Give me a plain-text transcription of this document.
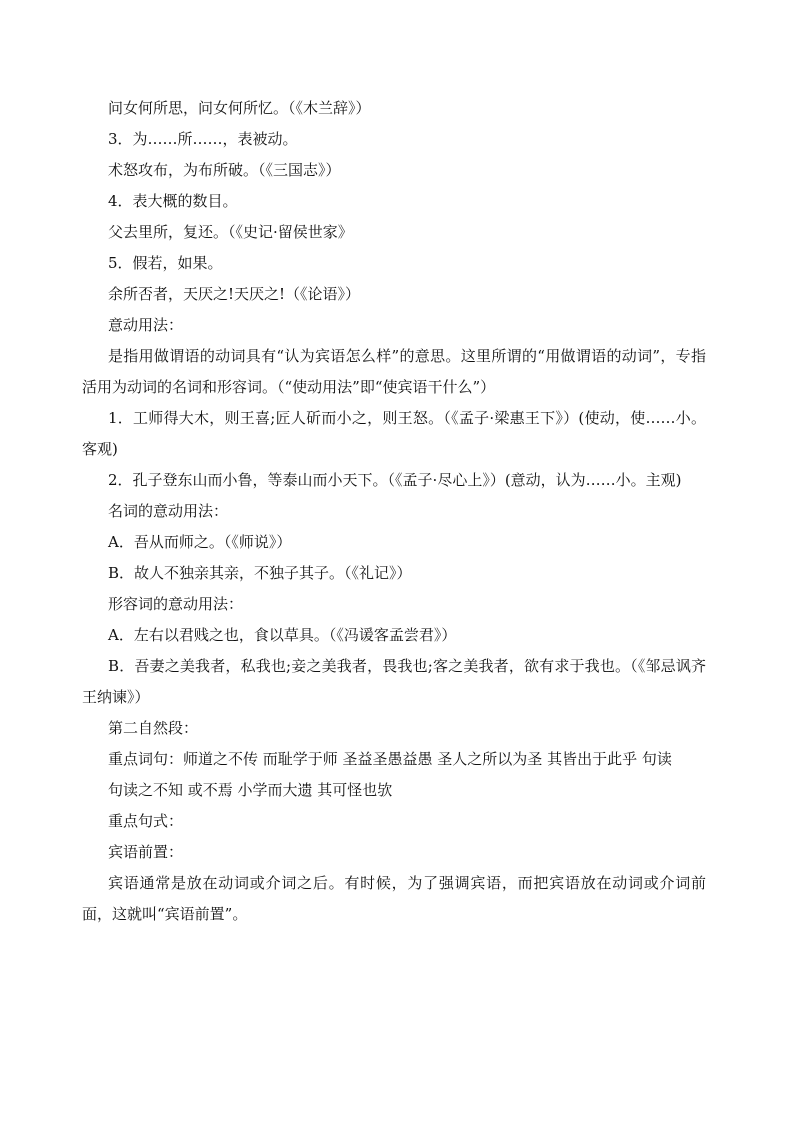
问女何所思，问女何所忆。（《木兰辞》）

3．为……所……，表被动。

术怒攻布，为布所破。（《三国志》）

4．表大概的数目。

父去里所，复还。（《史记·留侯世家》

5．假若，如果。

余所否者，天厌之!天厌之!（《论语》）

意动用法：

是指用做谓语的动词具有“认为宾语怎么样”的意思。这里所谓的“用做谓语的动词”，专指活用为动词的名词和形容词。（“使动用法”即“使宾语干什么”）

1．工师得大木，则王喜;匠人斫而小之，则王怒。（《孟子·梁惠王下》）(使动，使……小。 客观)

2．孔子登东山而小鲁，等泰山而小天下。（《孟子·尽心上》）(意动，认为……小。主观)

名词的意动用法：

A．吾从而师之。（《师说》）

B．故人不独亲其亲，不独子其子。（《礼记》）

形容词的意动用法：

A．左右以君贱之也，食以草具。（《冯谖客孟尝君》）

B．吾妻之美我者，私我也;妾之美我者，畏我也;客之美我者，欲有求于我也。（《邹忌讽齐王纳谏》）

第二自然段：

重点词句：师道之不传 而耻学于师 圣益圣愚益愚 圣人之所以为圣 其皆出于此乎 句读

句读之不知 或不焉 小学而大遗 其可怪也欤

重点句式：

宾语前置：

宾语通常是放在动词或介词之后。有时候，为了强调宾语，而把宾语放在动词或介词前面，这就叫“宾语前置”。
